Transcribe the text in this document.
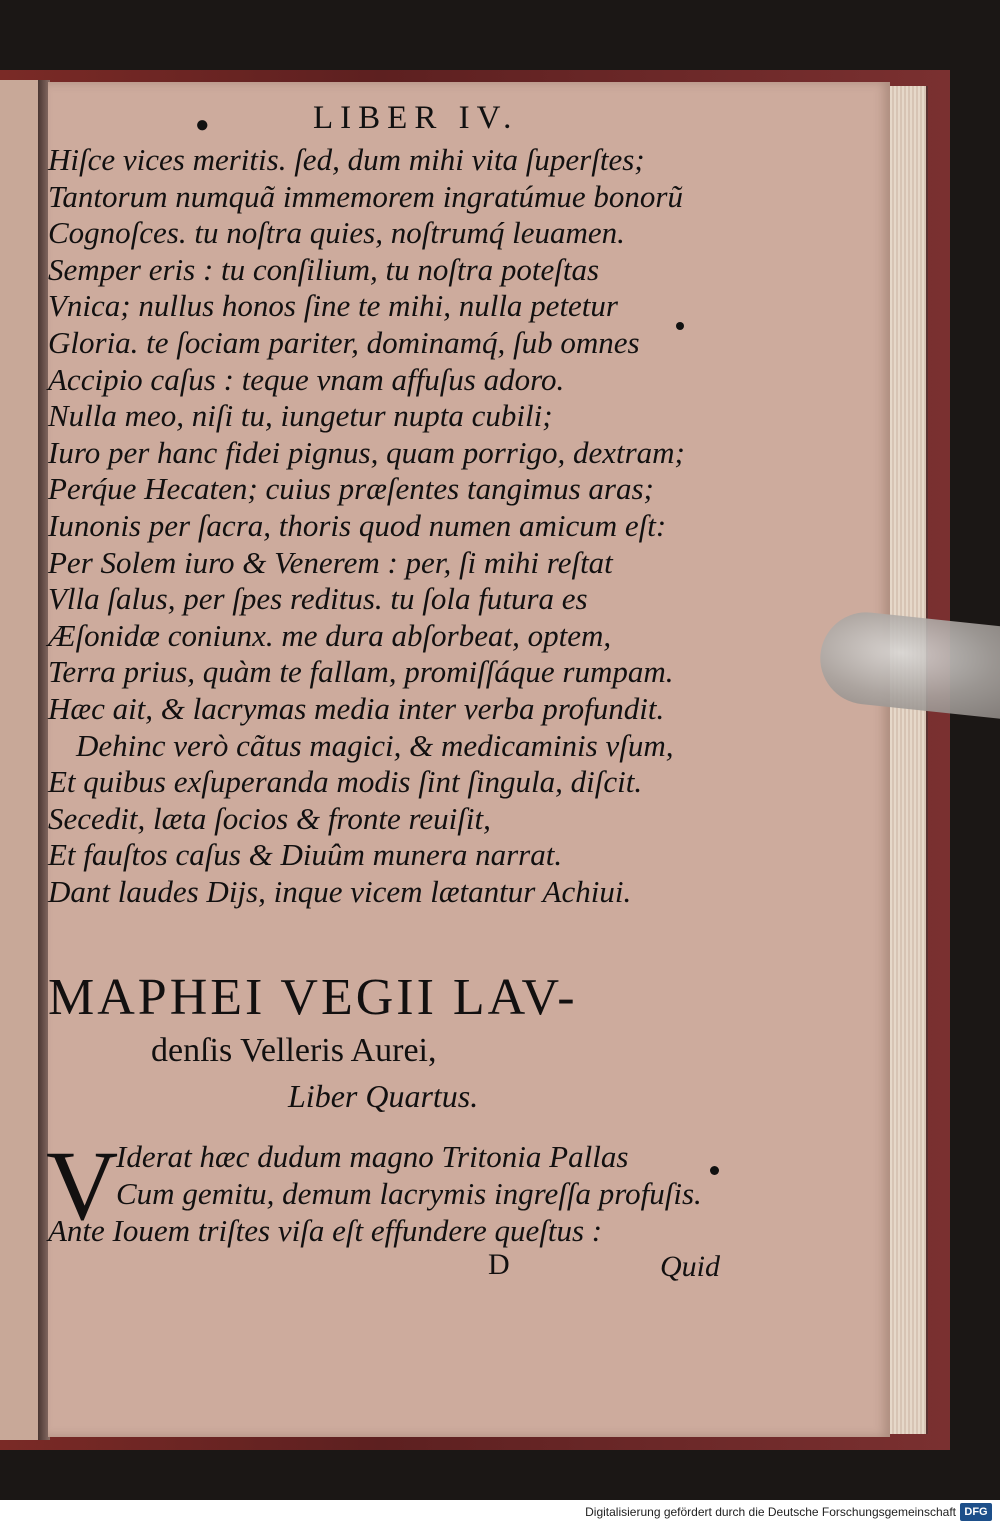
●	LIBER IV.
Hiſce vices meritis. ſed, dum mihi vita ſuperſtes;
Tantorum numquã immemorem ingratúmue bonorũ
Cognoſces. tu noſtra quies, noſtrumq́ leuamen.
Semper eris : tu conſilium, tu noſtra poteſtas
Vnica; nullus honos ſine te mihi, nulla petetur
Gloria. te ſociam pariter, dominamq́, ſub omnes
Accipio caſus : teque vnam affuſus adoro.
Nulla meo, niſi tu, iungetur nupta cubili;
Iuro per hanc fidei pignus, quam porrigo, dextram;
Perq́ue Hecaten; cuius præſentes tangimus aras;
Iunonis per ſacra, thoris quod numen amicum eſt:
Per Solem iuro & Venerem : per, ſi mihi reſtat
Vlla ſalus, per ſpes reditus. tu ſola futura es
Æſonidæ coniunx. me dura abſorbeat, optem,
Terra prius, quàm te fallam, promiſſáque rumpam.
Hæc ait, & lacrymas media inter verba profundit.
Dehinc verò cãtus magici, & medicaminis vſum,
Et quibus exſuperanda modis ſint ſingula, diſcit.
Secedit, læta ſocios & fronte reuiſit,
Et fauſtos caſus & Diuûm munera narrat.
Dant laudes Dijs, inque vicem lætantur Achiui.
MAPHEI VEGII LAV-
denſis Velleris Aurei,
Liber Quartus.
V
Iderat hæc dudum magno Tritonia Pallas
Cum gemitu, demum lacrymis ingreſſa profuſis.
Ante Iouem triſtes viſa eſt effundere queſtus :
D	Quid
Digitalisierung gefördert durch die Deutsche Forschungsgemeinschaft DFG
